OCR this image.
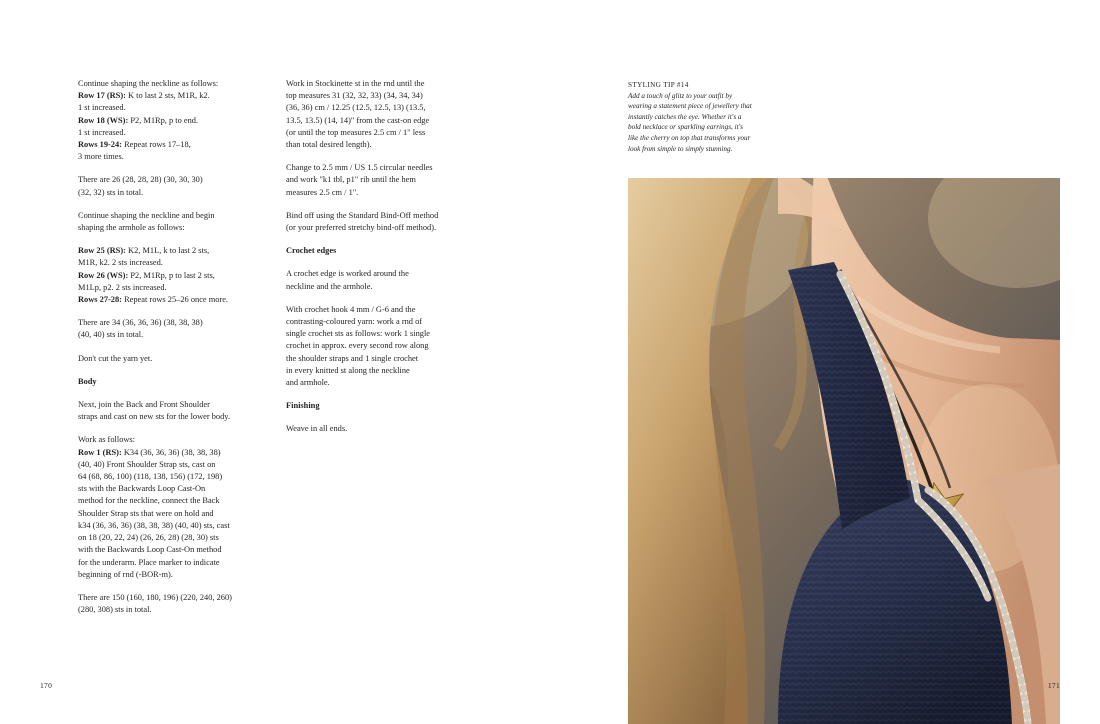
Continue shaping the neckline as follows:
Row 17 (RS): K to last 2 sts, M1R, k2.
1 st increased.
Row 18 (WS): P2, M1Rp, p to end.
1 st increased.
Rows 19-24: Repeat rows 17–18,
3 more times.

There are 26 (28, 28, 28) (30, 30, 30)
(32, 32) sts in total.

Continue shaping the neckline and begin
shaping the armhole as follows:

Row 25 (RS): K2, M1L, k to last 2 sts,
M1R, k2. 2 sts increased.
Row 26 (WS): P2, M1Rp, p to last 2 sts,
M1Lp, p2. 2 sts increased.
Rows 27-28: Repeat rows 25–26 once more.

There are 34 (36, 36, 36) (38, 38, 38)
(40, 40) sts in total.

Don't cut the yarn yet.

Body

Next, join the Back and Front Shoulder
straps and cast on new sts for the lower body.

Work as follows:
Row 1 (RS): K34 (36, 36, 36) (38, 38, 38)
(40, 40) Front Shoulder Strap sts, cast on
64 (68, 86, 100) (118, 138, 156) (172, 198)
sts with the Backwards Loop Cast-On
method for the neckline, connect the Back
Shoulder Strap sts that were on hold and
k34 (36, 36, 36) (38, 38, 38) (40, 40) sts, cast
on 18 (20, 22, 24) (26, 26, 28) (28, 30) sts
with the Backwards Loop Cast-On method
for the underarm. Place marker to indicate
beginning of rnd (-BOR-m).

There are 150 (160, 180, 196) (220, 240, 260)
(280, 308) sts in total.

Work in Stockinette st in the rnd until the
top measures 31 (32, 32, 33) (34, 34, 34)
(36, 36) cm / 12.25 (12.5, 12.5, 13) (13.5,
13.5, 13.5) (14, 14)" from the cast-on edge
(or until the top measures 2.5 cm / 1" less
than total desired length).

Change to 2.5 mm / US 1.5 circular needles
and work "k1 tbl, p1" rib until the hem
measures 2.5 cm / 1".

Bind off using the Standard Bind-Off method
(or your preferred stretchy bind-off method).

Crochet edges

A crochet edge is worked around the
neckline and the armhole.

With crochet hook 4 mm / G-6 and the
contrasting-coloured yarn: work a rnd of
single crochet sts as follows: work 1 single
crochet in approx. every second row along
the shoulder straps and 1 single crochet
in every knitted st along the neckline
and armhole.

Finishing

Weave in all ends.

170
STYLING TIP #14
Add a touch of glitz to your outfit by wearing a statement piece of jewellery that instantly catches the eye. Whether it's a bold necklace or sparkling earrings, it's like the cherry on top that transforms your look from simple to simply stunning.
171
